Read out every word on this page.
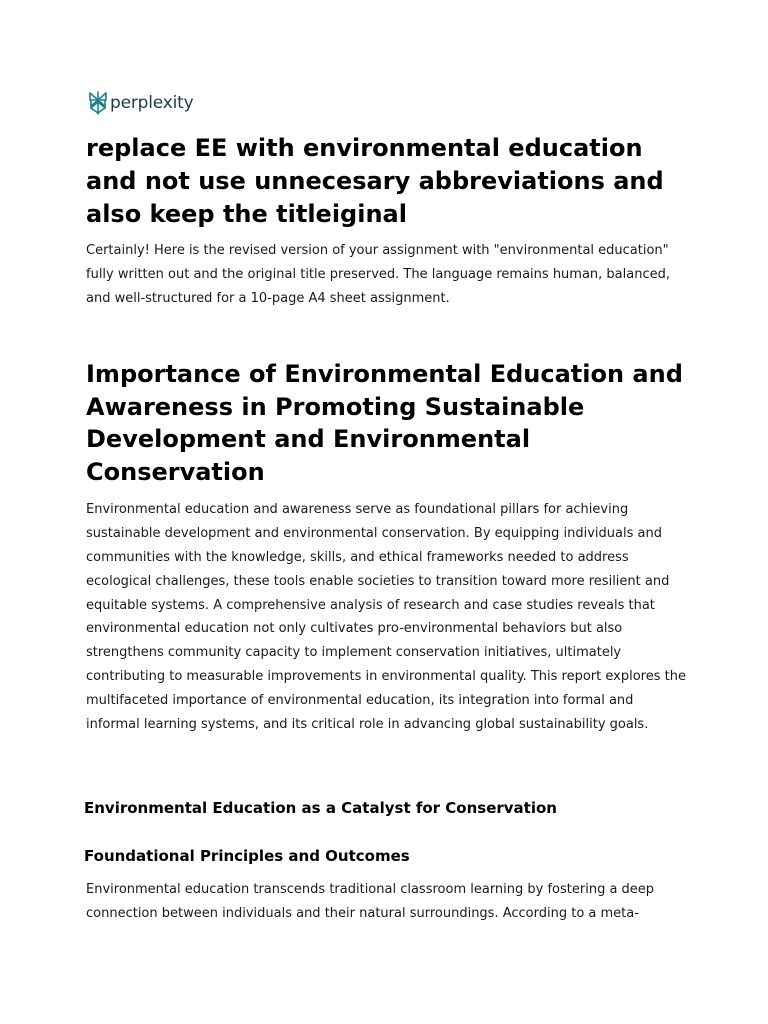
perplexity
replace EE with environmental education and not use unnecesary abbreviations and also keep the titleiginal

Certainly! Here is the revised version of your assignment with "environmental education" fully written out and the original title preserved. The language remains human, balanced, and well-structured for a 10-page A4 sheet assignment.

Importance of Environmental Education and Awareness in Promoting Sustainable Development and Environmental Conservation

Environmental education and awareness serve as foundational pillars for achieving sustainable development and environmental conservation. By equipping individuals and communities with the knowledge, skills, and ethical frameworks needed to address ecological challenges, these tools enable societies to transition toward more resilient and equitable systems. A comprehensive analysis of research and case studies reveals that environmental education not only cultivates pro-environmental behaviors but also strengthens community capacity to implement conservation initiatives, ultimately contributing to measurable improvements in environmental quality. This report explores the multifaceted importance of environmental education, its integration into formal and informal learning systems, and its critical role in advancing global sustainability goals.

Environmental Education as a Catalyst for Conservation
Foundational Principles and Outcomes

Environmental education transcends traditional classroom learning by fostering a deep connection between individuals and their natural surroundings. According to a meta-
